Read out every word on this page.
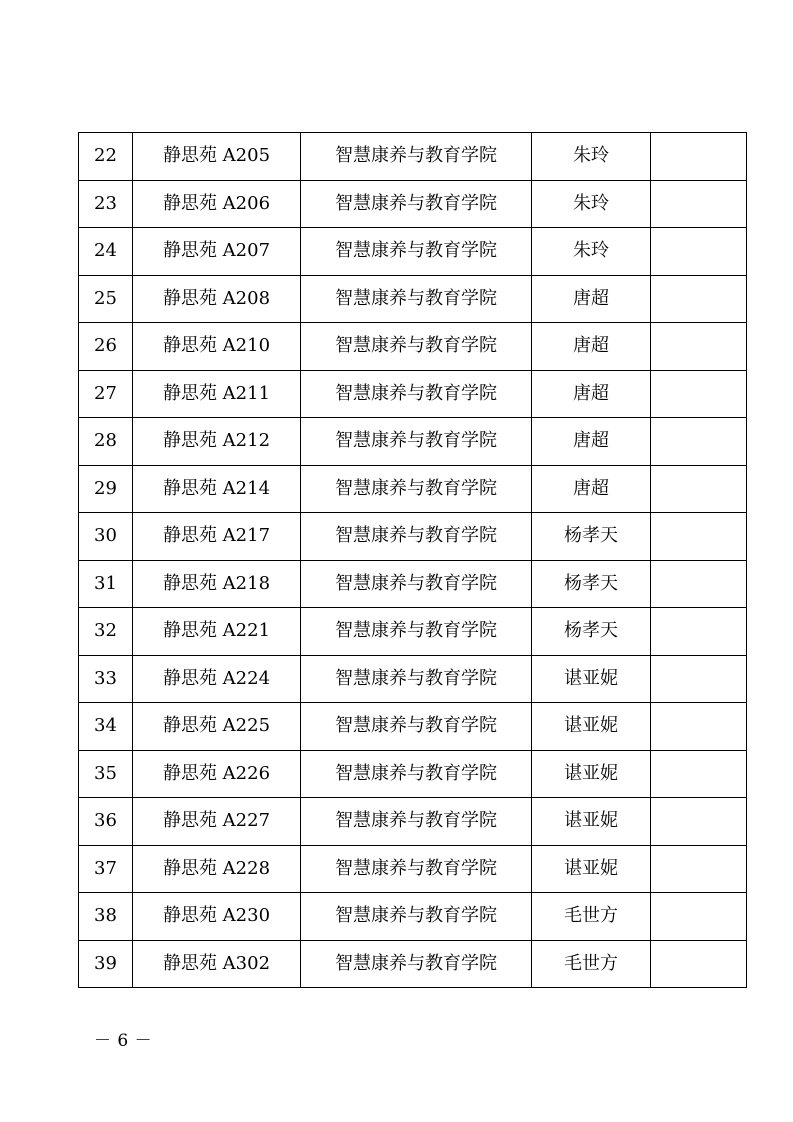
22	静思苑 A205	智慧康养与教育学院	朱玲	
23	静思苑 A206	智慧康养与教育学院	朱玲	
24	静思苑 A207	智慧康养与教育学院	朱玲	
25	静思苑 A208	智慧康养与教育学院	唐超	
26	静思苑 A210	智慧康养与教育学院	唐超	
27	静思苑 A211	智慧康养与教育学院	唐超	
28	静思苑 A212	智慧康养与教育学院	唐超	
29	静思苑 A214	智慧康养与教育学院	唐超	
30	静思苑 A217	智慧康养与教育学院	杨孝天	
31	静思苑 A218	智慧康养与教育学院	杨孝天	
32	静思苑 A221	智慧康养与教育学院	杨孝天	
33	静思苑 A224	智慧康养与教育学院	谌亚妮	
34	静思苑 A225	智慧康养与教育学院	谌亚妮	
35	静思苑 A226	智慧康养与教育学院	谌亚妮	
36	静思苑 A227	智慧康养与教育学院	谌亚妮	
37	静思苑 A228	智慧康养与教育学院	谌亚妮	
38	静思苑 A230	智慧康养与教育学院	毛世方	
39	静思苑 A302	智慧康养与教育学院	毛世方	
－ 6 －
